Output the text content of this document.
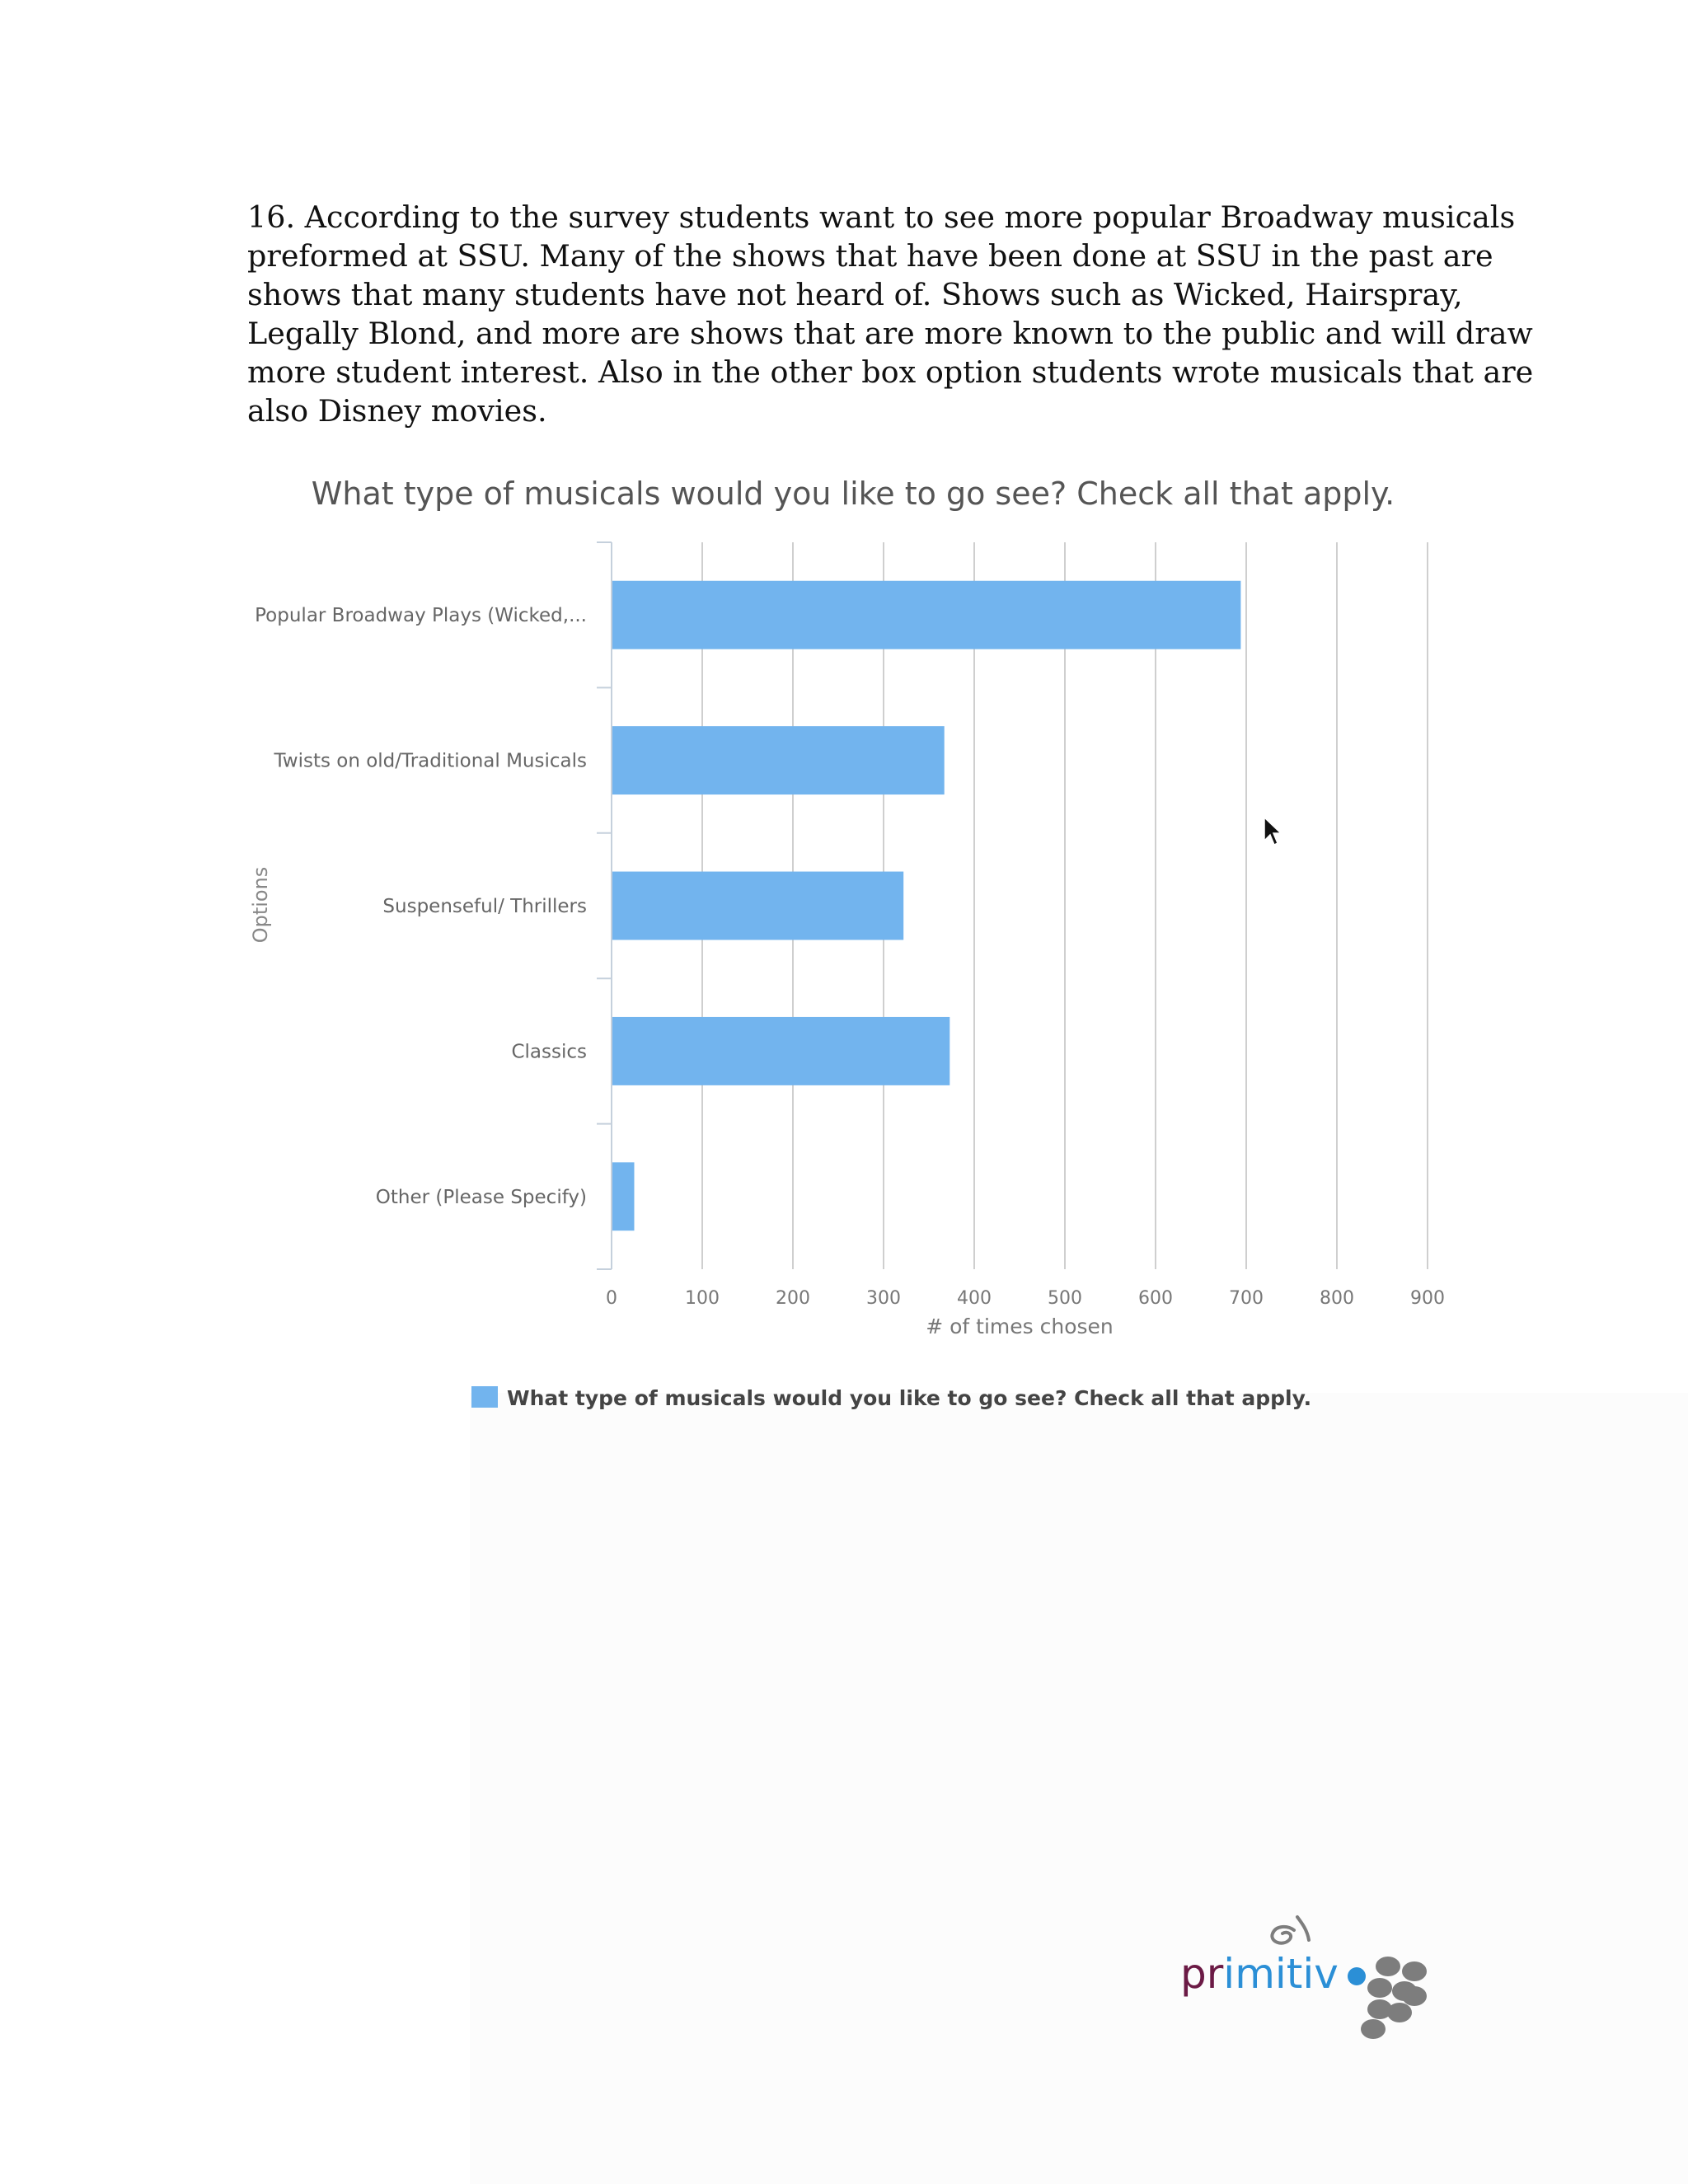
16. According to the survey students want to see more popular Broadway musicals
preformed at SSU. Many of the shows that have been done at SSU in the past are
shows that many students have not heard of. Shows such as Wicked, Hairspray,
Legally Blond, and more are shows that are more known to the public and will draw
more student interest. Also in the other box option students wrote musicals that are
also Disney movies.
Popular Broadway Plays (Wicked,...
Twists on old/Traditional Musicals
Suspenseful/ Thrillers
Classics
Other (Please Specify)
0	100	200	300	400	500	600	700	800	900
What type of musicals would you like to go see? Check all that apply.
# of times chosen
Options
What type of musicals would you like to go see? Check all that apply.
primitiv
